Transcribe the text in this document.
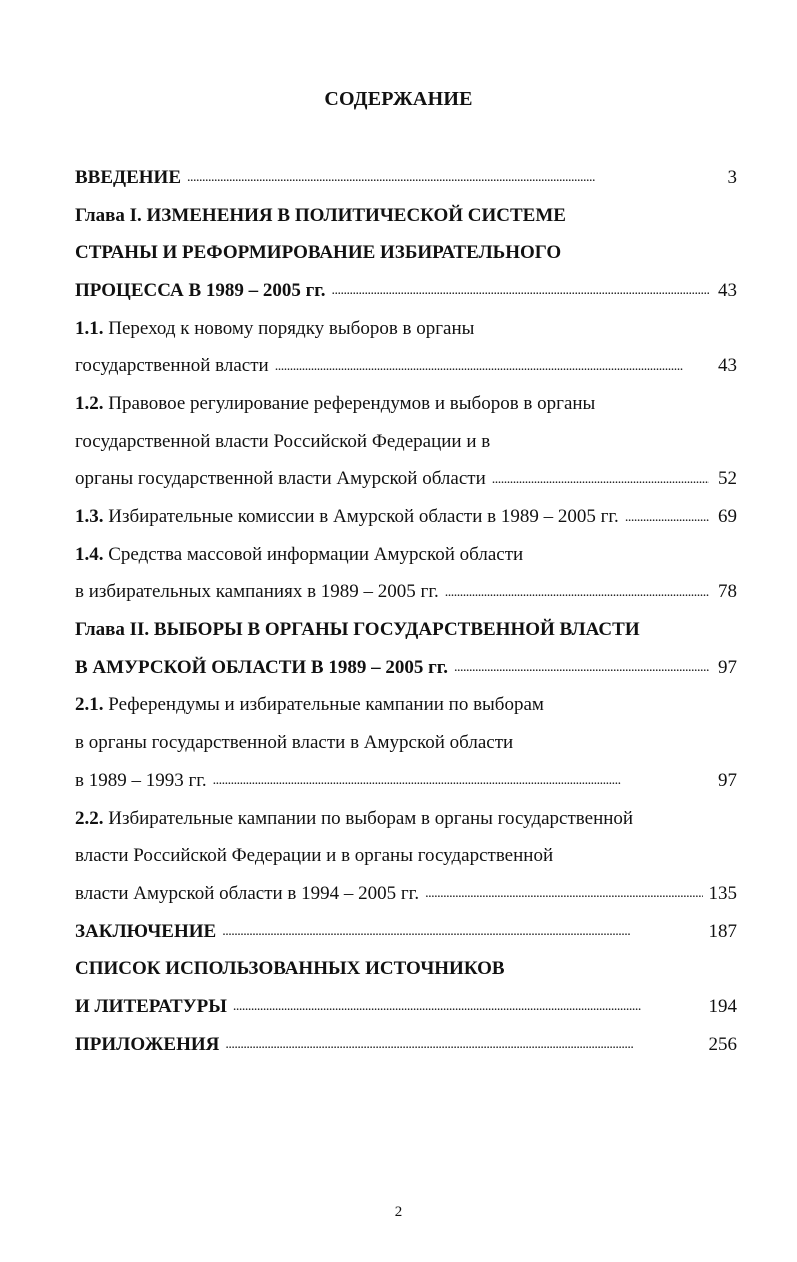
СОДЕРЖАНИЕ
ВВЕДЕНИЕ . . .	3
Глава I. ИЗМЕНЕНИЯ В ПОЛИТИЧЕСКОЙ СИСТЕМЕ
СТРАНЫ И РЕФОРМИРОВАНИЕ ИЗБИРАТЕЛЬНОГО
ПРОЦЕССА В 1989 – 2005 гг. . . .	43
1.1. Переход к новому порядку выборов в органы
государственной власти . . .	43
1.2. Правовое регулирование референдумов и выборов в органы
государственной власти Российской Федерации и в
органы государственной власти Амурской области . . .	52
1.3. Избирательные комиссии в Амурской области в 1989 – 2005 гг. . . .	69
1.4. Средства массовой информации Амурской области
в избирательных кампаниях в 1989 – 2005 гг. . . .	78
Глава II. ВЫБОРЫ В ОРГАНЫ ГОСУДАРСТВЕННОЙ ВЛАСТИ
В АМУРСКОЙ ОБЛАСТИ В 1989 – 2005 гг. . . .	97
2.1. Референдумы и избирательные кампании по выборам
в органы государственной власти в Амурской области
в 1989 – 1993 гг. . . .	97
2.2. Избирательные кампании по выборам в органы государственной
власти Российской Федерации и в органы государственной
власти Амурской области в 1994 – 2005 гг. . . .	135
ЗАКЛЮЧЕНИЕ . . .	187
СПИСОК ИСПОЛЬЗОВАННЫХ ИСТОЧНИКОВ
И ЛИТЕРАТУРЫ . . .	194
ПРИЛОЖЕНИЯ . . .	256
2
